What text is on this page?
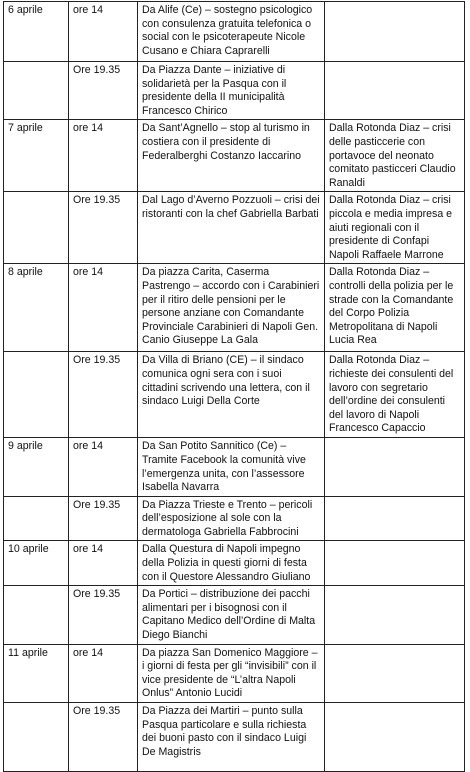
6 aprile	ore 14	Da Alife (Ce) – sostegno psicologico con consulenza gratuita telefonica o social con le psicoterapeute Nicole Cusano e Chiara Caprarelli	
	Ore 19.35	Da Piazza Dante – iniziative di solidarietà per la Pasqua con il presidente della II municipalità Francesco Chirico	
7 aprile	ore 14	Da Sant’Agnello – stop al turismo in costiera con il presidente di Federalberghi Costanzo Iaccarino	Dalla Rotonda Diaz – crisi delle pasticcerie con portavoce del neonato comitato pasticceri Claudio Ranaldi
	Ore 19.35	Dal Lago d’Averno Pozzuoli – crisi dei ristoranti con la chef Gabriella Barbati	Dalla Rotonda Diaz – crisi piccola e media impresa e aiuti regionali con il presidente di Confapi Napoli Raffaele Marrone
8 aprile	ore 14	Da piazza Carita, Caserma Pastrengo – accordo con i Carabinieri per il ritiro delle pensioni per le persone anziane con Comandante Provinciale Carabinieri di Napoli Gen. Canio Giuseppe La Gala	Dalla Rotonda Diaz – controlli della polizia per le strade con la Comandante del Corpo Polizia Metropolitana di Napoli Lucia Rea
	Ore 19.35	Da Villa di Briano (CE) – il sindaco comunica ogni sera con i suoi cittadini scrivendo una lettera, con il sindaco Luigi Della Corte	Dalla Rotonda Diaz – richieste dei consulenti del lavoro con segretario dell’ordine dei consulenti del lavoro di Napoli Francesco Capaccio
9 aprile	ore 14	Da San Potito Sannitico (Ce) – Tramite Facebook la comunità vive l’emergenza unita, con l’assessore Isabella Navarra	
	Ore 19.35	Da Piazza Trieste e Trento – pericoli dell’esposizione al sole con la dermatologa Gabriella Fabbrocini	
10 aprile	ore 14	Dalla Questura di Napoli impegno della Polizia in questi giorni di festa con il Questore Alessandro Giuliano	
	Ore 19.35	Da Portici – distribuzione dei pacchi alimentari per i bisognosi con il Capitano Medico dell’Ordine di Malta Diego Bianchi	
11 aprile	ore 14	Da piazza San Domenico Maggiore – i giorni di festa per gli “invisibili” con il vice presidente de “L’altra Napoli Onlus” Antonio Lucidi	
	Ore 19.35	Da Piazza dei Martiri – punto sulla Pasqua particolare e sulla richiesta dei buoni pasto con il sindaco Luigi De Magistris	
